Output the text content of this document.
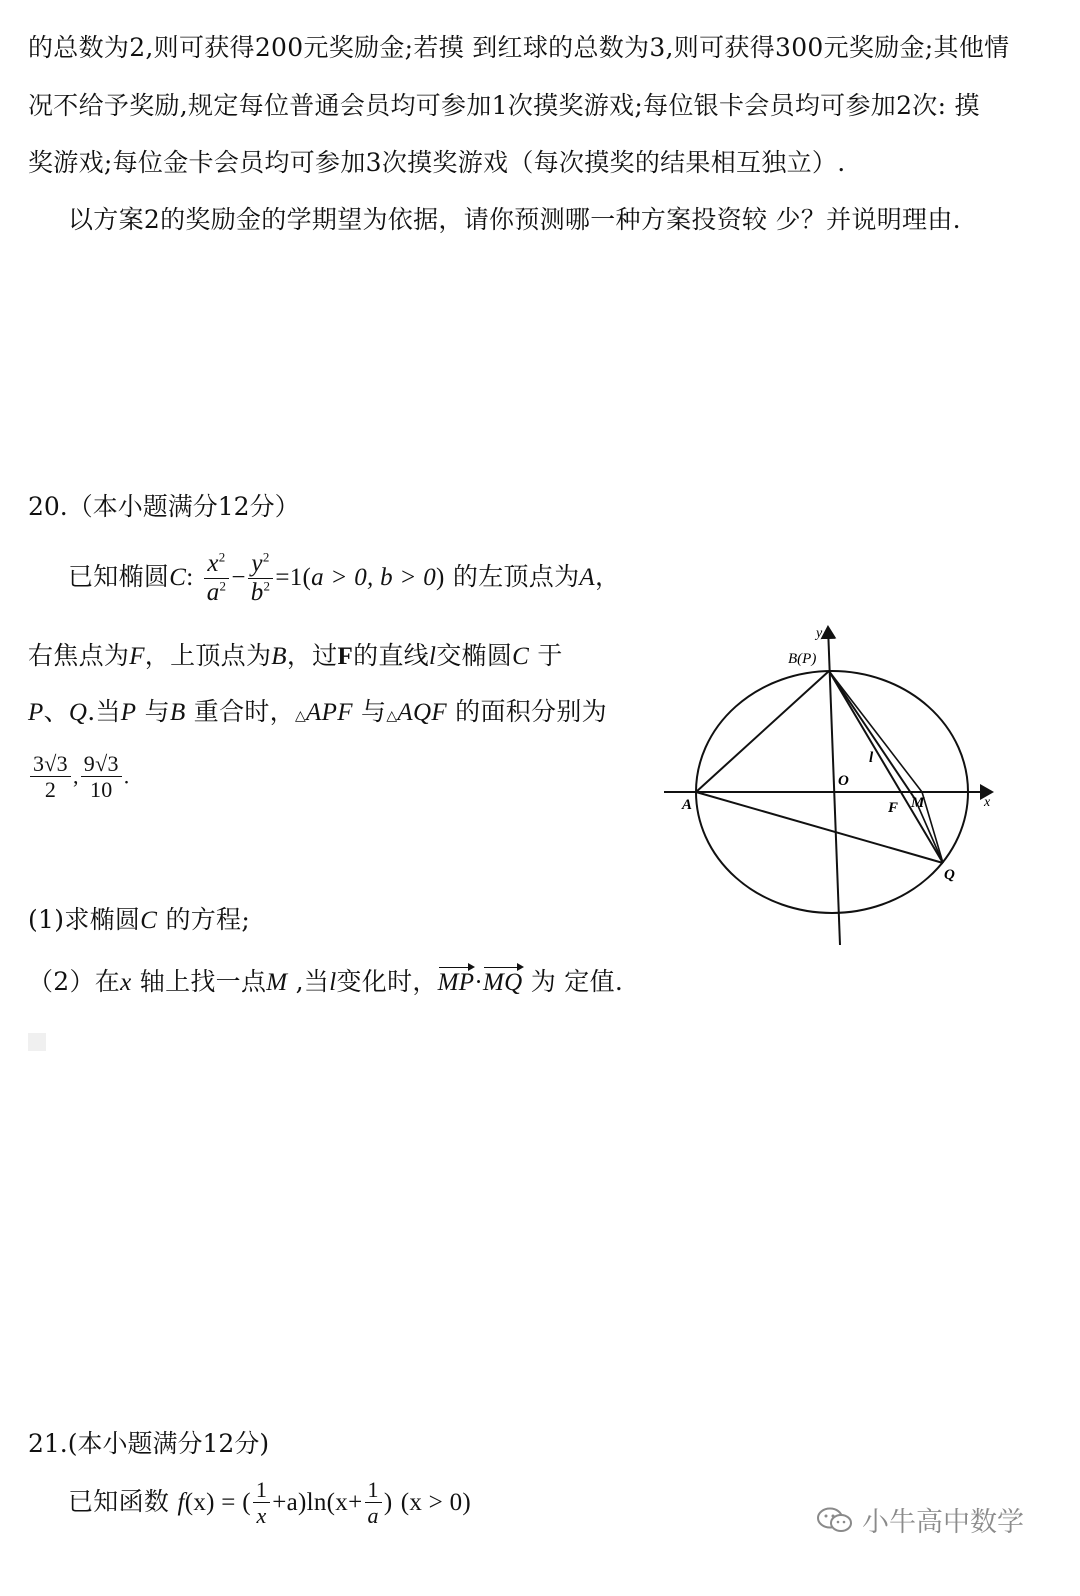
的总数为2,则可获得200元奖励金;若摸 到红球的总数为3,则可获得300元奖励金;其他情
况不给予奖励,规定每位普通会员均可参加1次摸奖游戏;每位银卡会员均可参加2次: 摸
奖游戏;每位金卡会员均可参加3次摸奖游戏（每次摸奖的结果相互独立）.
以方案2的奖励金的学期望为依据，请你预测哪一种方案投资较 少？并说明理由.
20.（本小题满分12分）
已知椭圆C: $\frac{x^2}{a^2} - \frac{y^2}{b^2} =1(a > 0$, b > 0) 的左顶点为A，
右焦点为F，上顶点为B，过F的直线l交椭圆C 于
P、Q.当P 与B 重合时，△APF 与△AQF 的面积分别为
$\frac{3√3}{2}$ , $\frac{9√3}{10}$ .
(1)求椭圆C 的方程;
（2）在x 轴上找一点M ,当l变化时，MP·MQ 为 定值.
y
B(P)
O
l
A	F M	x
Q
21.(本小题满分12分)
已知函数 f(x) = ( $\frac{1}{x} +a)\ln(x+ \frac{1}{a}$ ) (x > 0)
小牛高中数学
